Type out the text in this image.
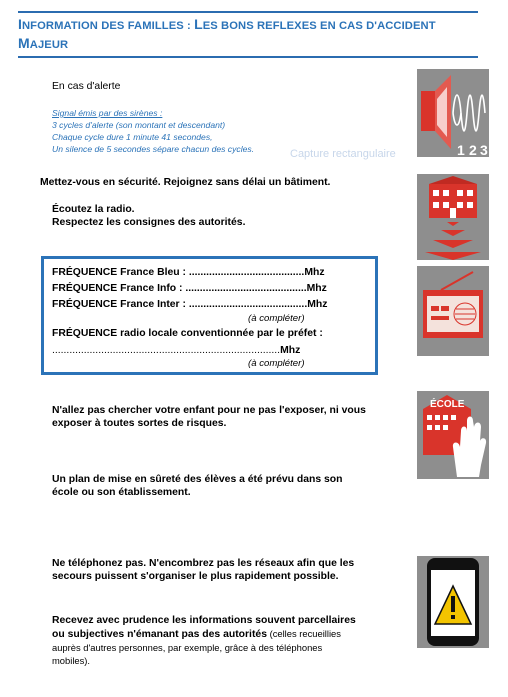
INFORMATION DES FAMILLES : LES BONS REFLEXES EN CAS D'ACCIDENT
MAJEUR
En cas d'alerte
Signal émis par des sirènes :
3 cycles d'alerte (son montant et descendant)
Chaque cycle dure 1 minute 41 secondes,
Un silence de 5 secondes sépare chacun des cycles.	Capture rectangulaire	1 2 3
Mettez-vous en sécurité. Rejoignez sans délai un bâtiment.
Écoutez la radio.
Respectez les consignes des autorités.
FRÉQUENCE France Bleu : ........................................Mhz
FRÉQUENCE France Info : ..........................................Mhz
FRÉQUENCE France Inter : .........................................Mhz
(à compléter)
FRÉQUENCE radio locale conventionnée par le préfet :
...............................................................................Mhz
(à compléter)
N'allez pas chercher votre enfant pour ne pas l'exposer, ni vous
exposer à toutes sortes de risques.
ÉCOLE
Un plan de mise en sûreté des élèves a été prévu dans son
école ou son établissement.
Ne téléphonez pas. N'encombrez pas les réseaux afin que les
secours puissent s'organiser le plus rapidement possible.
Recevez avec prudence les informations souvent parcellaires
ou subjectives n'émanant pas des autorités (celles recueillies
auprès d'autres personnes, par exemple, grâce à des téléphones
mobiles).
